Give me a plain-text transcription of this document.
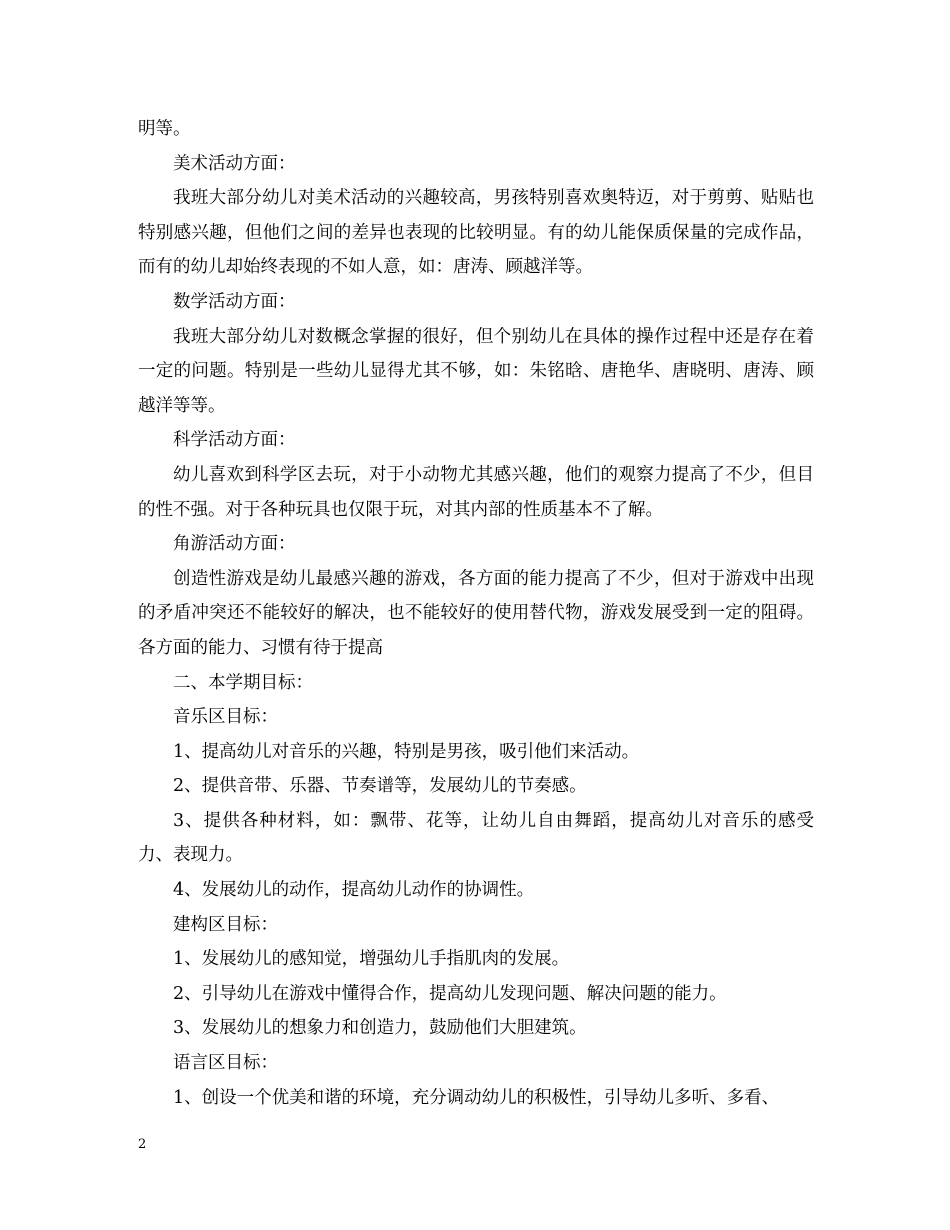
明等。

美术活动方面：

我班大部分幼儿对美术活动的兴趣较高，男孩特别喜欢奥特迈，对于剪剪、贴贴也特别感兴趣，但他们之间的差异也表现的比较明显。有的幼儿能保质保量的完成作品，而有的幼儿却始终表现的不如人意，如：唐涛、顾越洋等。

数学活动方面：

我班大部分幼儿对数概念掌握的很好，但个别幼儿在具体的操作过程中还是存在着一定的问题。特别是一些幼儿显得尤其不够，如：朱铭晗、唐艳华、唐晓明、唐涛、顾越洋等等。

科学活动方面：

幼儿喜欢到科学区去玩，对于小动物尤其感兴趣，他们的观察力提高了不少，但目的性不强。对于各种玩具也仅限于玩，对其内部的性质基本不了解。

角游活动方面：

创造性游戏是幼儿最感兴趣的游戏，各方面的能力提高了不少，但对于游戏中出现的矛盾冲突还不能较好的解决，也不能较好的使用替代物，游戏发展受到一定的阻碍。各方面的能力、习惯有待于提高

二、本学期目标：

音乐区目标：

1、提高幼儿对音乐的兴趣，特别是男孩，吸引他们来活动。

2、提供音带、乐器、节奏谱等，发展幼儿的节奏感。

3、提供各种材料，如：飘带、花等，让幼儿自由舞蹈，提高幼儿对音乐的感受力、表现力。

4、发展幼儿的动作，提高幼儿动作的协调性。

建构区目标：

1、发展幼儿的感知觉，增强幼儿手指肌肉的发展。

2、引导幼儿在游戏中懂得合作，提高幼儿发现问题、解决问题的能力。

3、发展幼儿的想象力和创造力，鼓励他们大胆建筑。

语言区目标：

1、创设一个优美和谐的环境，充分调动幼儿的积极性，引导幼儿多听、多看、

2
